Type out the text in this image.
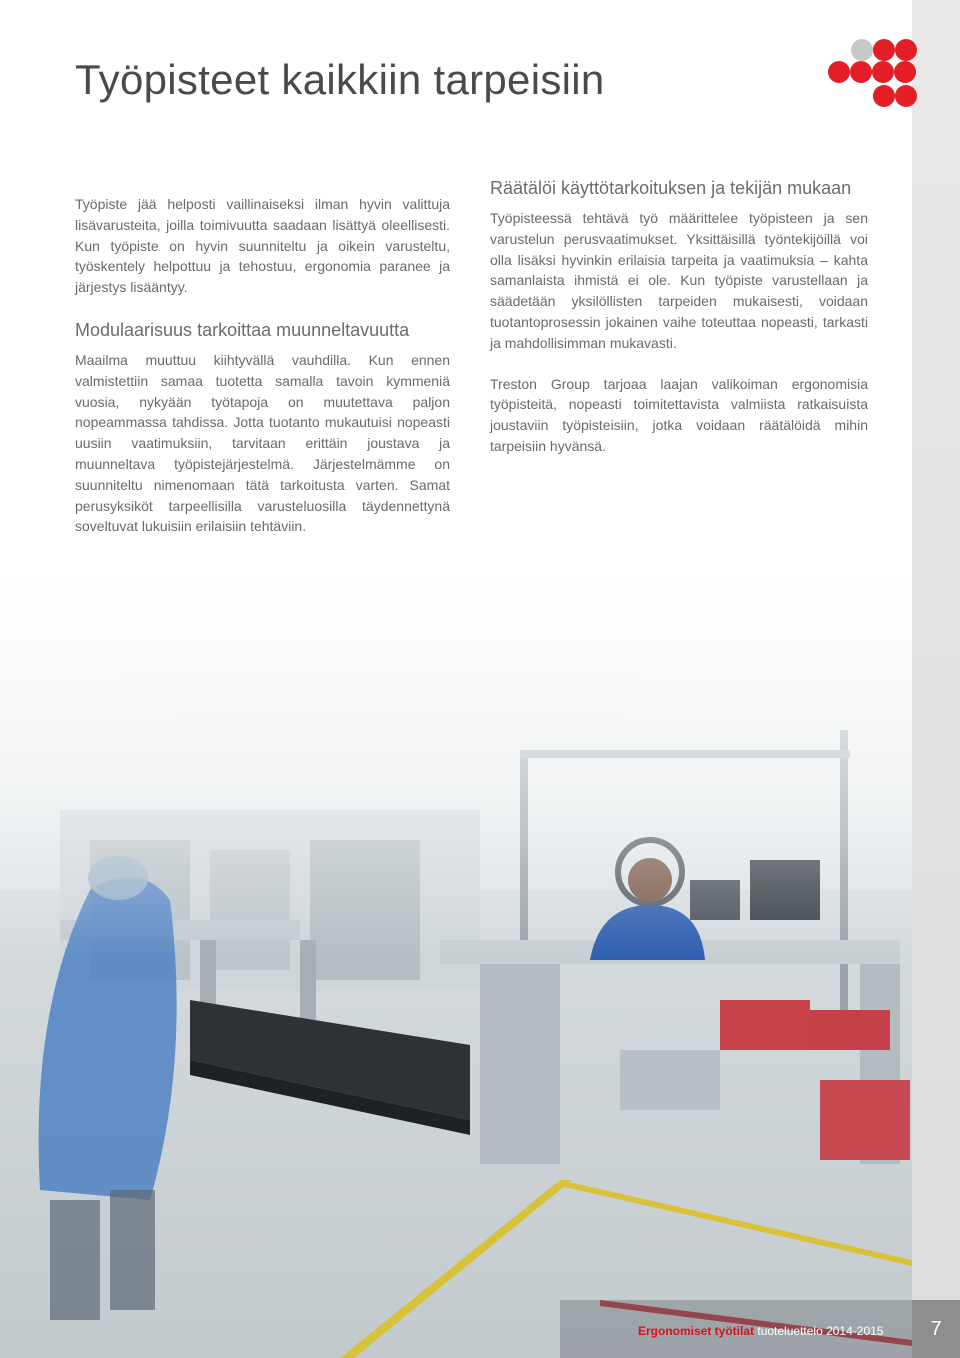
Työpisteet kaikkiin tarpeisiin

Työpiste jää helposti vaillinaiseksi ilman hyvin valittuja lisävarusteita, joilla toimivuutta saadaan lisättyä oleellisesti. Kun työpiste on hyvin suunniteltu ja oikein varusteltu, työskentely helpottuu ja tehostuu, ergonomia paranee ja järjestys lisääntyy.

Modulaarisuus tarkoittaa muunneltavuutta

Maailma muuttuu kiihtyvällä vauhdilla. Kun ennen valmistettiin samaa tuotetta samalla tavoin kymmeniä vuosia, nykyään työtapoja on muutettava paljon nopeammassa tahdissa. Jotta tuotanto mukautuisi nopeasti uusiin vaatimuksiin, tarvitaan erittäin joustava ja muunneltava työpistejärjestelmä. Järjestelmämme on suunniteltu nimenomaan tätä tarkoitusta varten. Samat perusyksiköt tarpeellisilla varusteluosilla täydennettynä soveltuvat lukuisiin erilaisiin tehtäviin.

Räätälöi käyttötarkoituksen ja tekijän mukaan

Työpisteessä tehtävä työ määrittelee työpisteen ja sen varustelun perusvaatimukset. Yksittäisillä työntekijöillä voi olla lisäksi hyvinkin erilaisia tarpeita ja vaatimuksia – kahta samanlaista ihmistä ei ole. Kun työpiste varustellaan ja säädetään yksilöllisten tarpeiden mukaisesti, voidaan tuotantoprosessin jokainen vaihe toteuttaa nopeasti, tarkasti ja mahdollisimman mukavasti.

Treston Group tarjoaa laajan valikoiman ergonomisia työpisteitä, nopeasti toimitettavista valmiista ratkaisuista joustaviin työpisteisiin, jotka voidaan räätälöidä mihin tarpeisiin hyvänsä.

7
Ergonomiset työtilat tuoteluettelo 2014-2015
